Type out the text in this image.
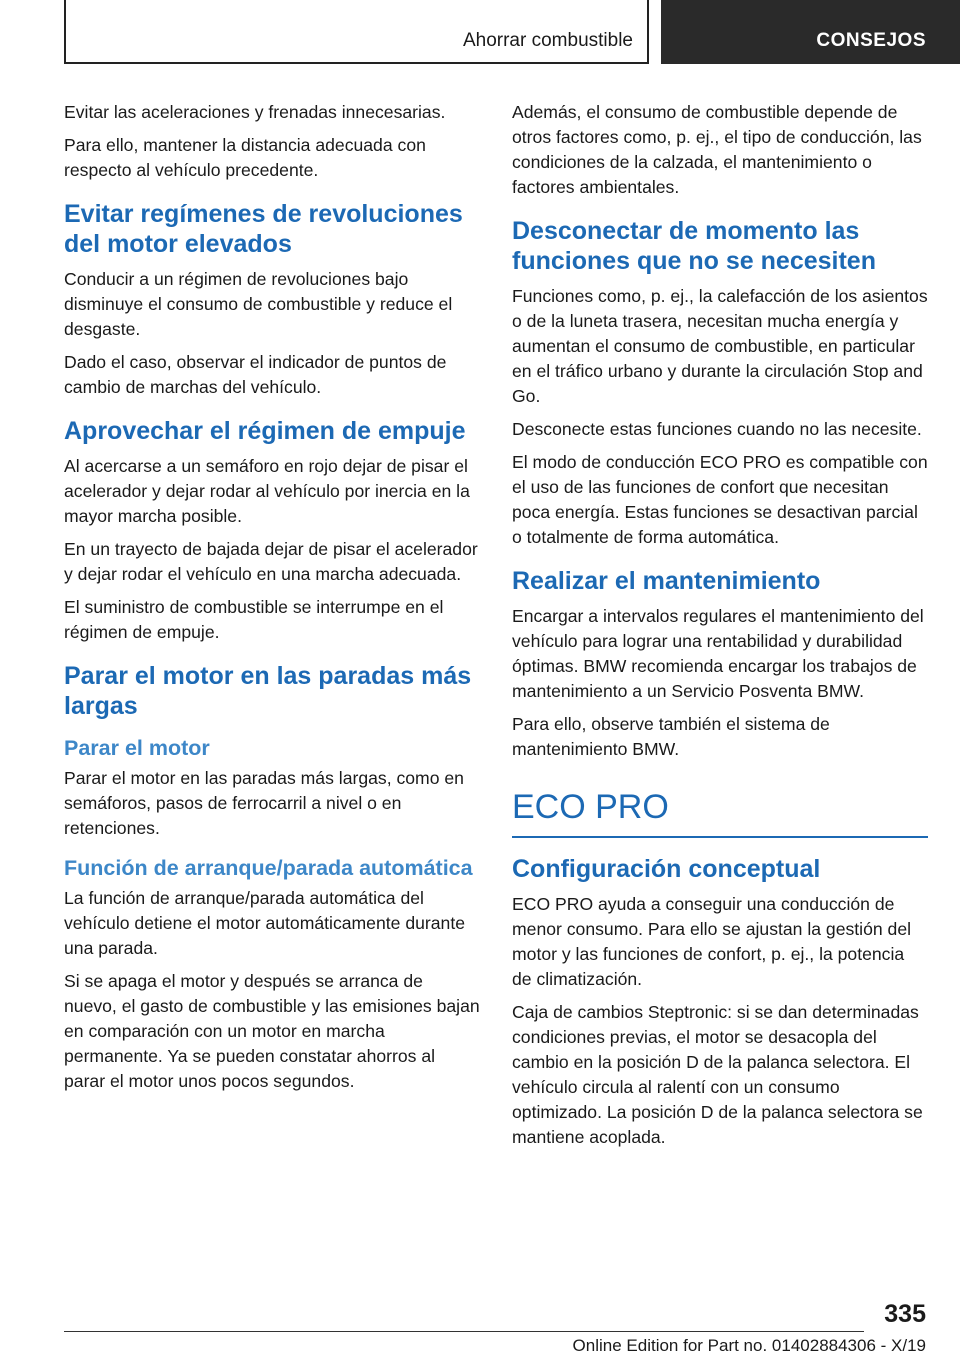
Ahorrar combustible	CONSEJOS

Evitar las aceleraciones y frenadas innecesarias.

Para ello, mantener la distancia adecuada con respecto al vehículo precedente.

Evitar regímenes de revoluciones del motor elevados

Conducir a un régimen de revoluciones bajo disminuye el consumo de combustible y reduce el desgaste.

Dado el caso, observar el indicador de puntos de cambio de marchas del vehículo.

Aprovechar el régimen de empuje

Al acercarse a un semáforo en rojo dejar de pisar el acelerador y dejar rodar al vehículo por inercia en la mayor marcha posible.

En un trayecto de bajada dejar de pisar el acelerador y dejar rodar el vehículo en una marcha adecuada.

El suministro de combustible se interrumpe en el régimen de empuje.

Parar el motor en las paradas más largas
Parar el motor

Parar el motor en las paradas más largas, como en semáforos, pasos de ferrocarril a nivel o en retenciones.

Función de arranque/parada automática

La función de arranque/parada automática del vehículo detiene el motor automáticamente durante una parada.

Si se apaga el motor y después se arranca de nuevo, el gasto de combustible y las emisiones bajan en comparación con un motor en marcha permanente. Ya se pueden constatar ahorros al parar el motor unos pocos segundos.

Además, el consumo de combustible depende de otros factores como, p. ej., el tipo de conducción, las condiciones de la calzada, el mantenimiento o factores ambientales.

Desconectar de momento las funciones que no se necesiten

Funciones como, p. ej., la calefacción de los asientos o de la luneta trasera, necesitan mucha energía y aumentan el consumo de combustible, en particular en el tráfico urbano y durante la circulación Stop and Go.

Desconecte estas funciones cuando no las necesite.

El modo de conducción ECO PRO es compatible con el uso de las funciones de confort que necesitan poca energía. Estas funciones se desactivan parcial o totalmente de forma automática.

Realizar el mantenimiento

Encargar a intervalos regulares el mantenimiento del vehículo para lograr una rentabilidad y durabilidad óptimas. BMW recomienda encargar los trabajos de mantenimiento a un Servicio Posventa BMW.

Para ello, observe también el sistema de mantenimiento BMW.

ECO PRO
Configuración conceptual

ECO PRO ayuda a conseguir una conducción de menor consumo. Para ello se ajustan la gestión del motor y las funciones de confort, p. ej., la potencia de climatización.

Caja de cambios Steptronic: si se dan determinadas condiciones previas, el motor se desacopla del cambio en la posición D de la palanca selectora. El vehículo circula al ralentí con un consumo optimizado. La posición D de la palanca selectora se mantiene acoplada.

335
Online Edition for Part no. 01402884306 - X/19
